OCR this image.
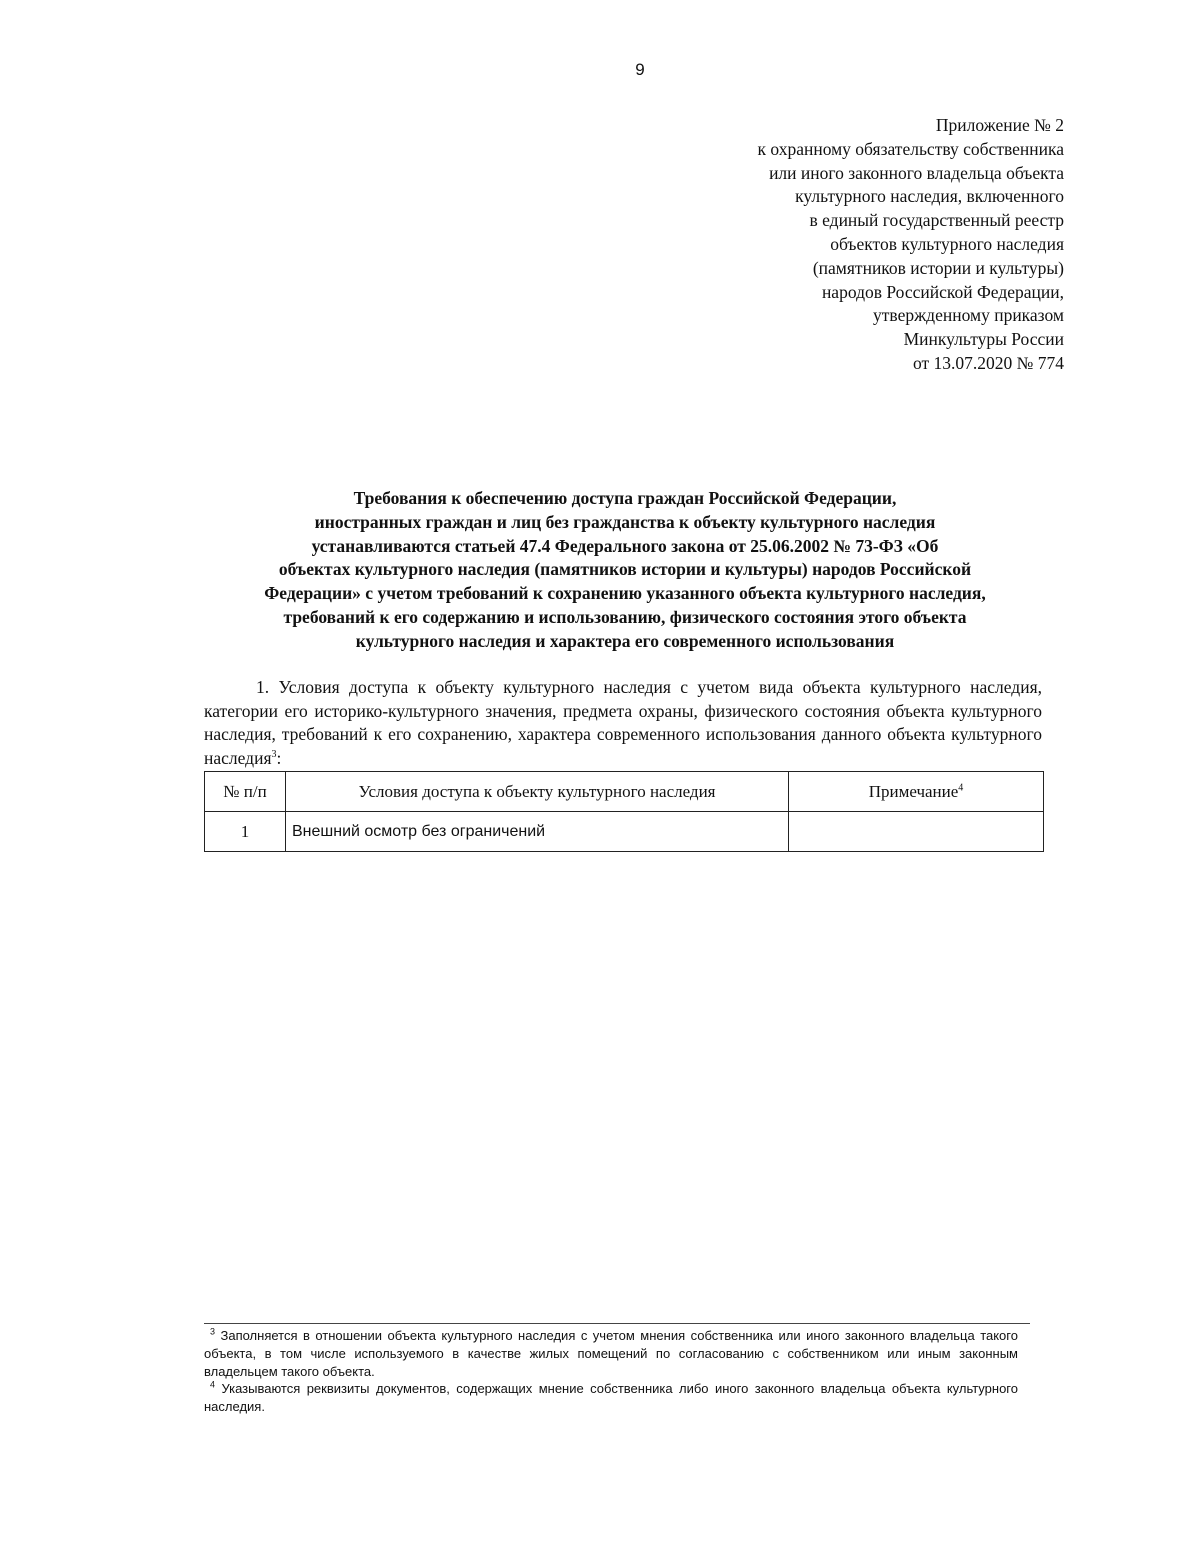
9
Приложение № 2
к охранному обязательству собственника
или иного законного владельца объекта
культурного наследия, включенного
в единый государственный реестр
объектов культурного наследия
(памятников истории и культуры)
народов Российской Федерации,
утвержденному приказом
Минкультуры России
от 13.07.2020 № 774
Требования к обеспечению доступа граждан Российской Федерации,
иностранных граждан и лиц без гражданства к объекту культурного наследия
устанавливаются статьей 47.4 Федерального закона от 25.06.2002 № 73-ФЗ «Об
объектах культурного наследия (памятников истории и культуры) народов Российской
Федерации» с учетом требований к сохранению указанного объекта культурного наследия,
требований к его содержанию и использованию, физического состояния этого объекта
культурного наследия и характера его современного использования
1. Условия доступа к объекту культурного наследия с учетом вида объекта культурного наследия, категории его историко-культурного значения, предмета охраны, физического состояния объекта культурного наследия, требований к его сохранению, характера современного использования данного объекта культурного наследия$^3$:
№ п/п	Условия доступа к объекту культурного наследия	Примечание$^4$
1	Внешний осмотр без ограничений	

$^3$ Заполняется в отношении объекта культурного наследия с учетом мнения собственника или иного законного владельца такого объекта, в том числе используемого в качестве жилых помещений по согласованию с собственником или иным законным владельцем такого объекта.

$^4$ Указываются реквизиты документов, содержащих мнение собственника либо иного законного владельца объекта культурного наследия.
